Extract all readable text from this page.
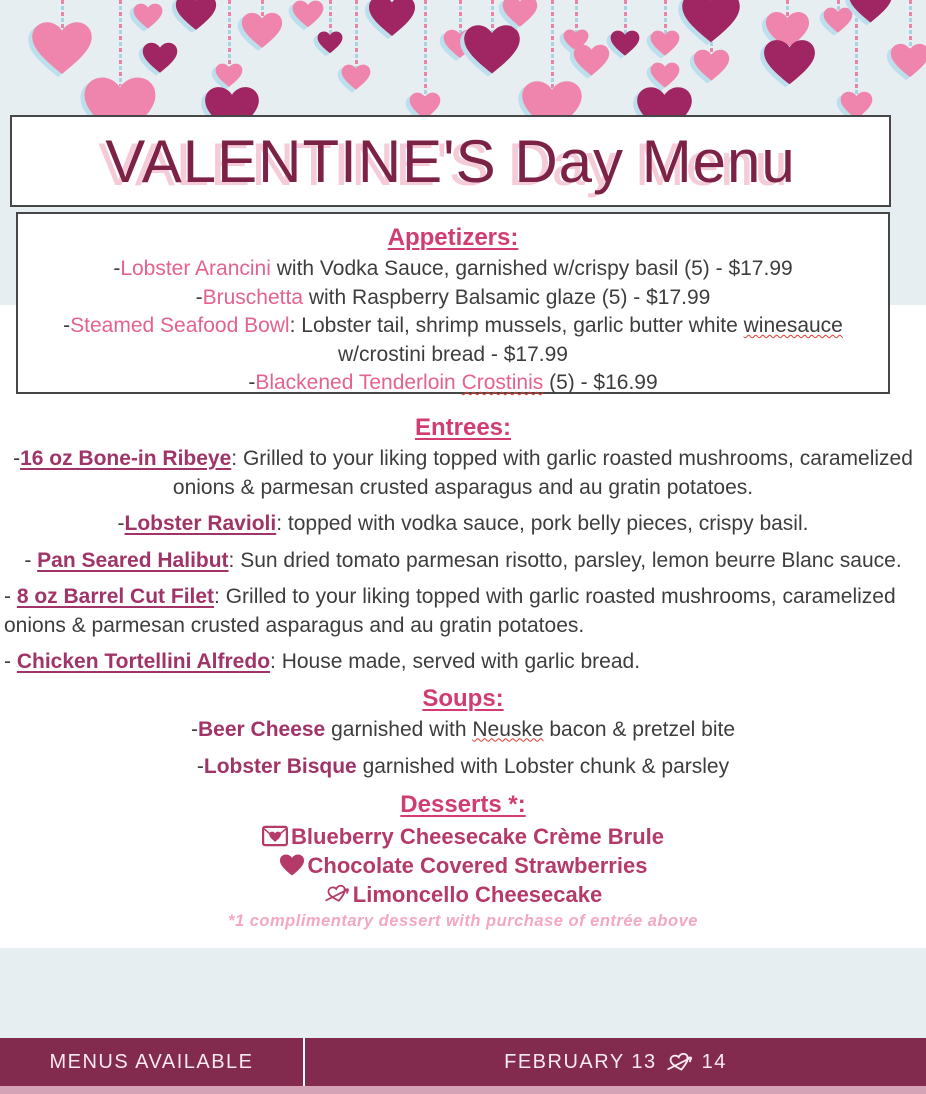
VALENTINE'S Day Menu
Appetizers:
-Lobster Arancini with Vodka Sauce, garnished w/crispy basil (5) - $17.99
-Bruschetta with Raspberry Balsamic glaze (5) - $17.99
-Steamed Seafood Bowl: Lobster tail, shrimp mussels, garlic butter white winesauce w/crostini bread - $17.99
-Blackened Tenderloin Crostinis (5) - $16.99
Entrees:
-16 oz Bone-in Ribeye: Grilled to your liking topped with garlic roasted mushrooms, caramelized onions & parmesan crusted asparagus and au gratin potatoes.
-Lobster Ravioli: topped with vodka sauce, pork belly pieces, crispy basil.
- Pan Seared Halibut: Sun dried tomato parmesan risotto, parsley, lemon beurre Blanc sauce.
- 8 oz Barrel Cut Filet: Grilled to your liking topped with garlic roasted mushrooms, caramelized onions & parmesan crusted asparagus and au gratin potatoes.
- Chicken Tortellini Alfredo: House made, served with garlic bread.
Soups:
-Beer Cheese garnished with Neuske bacon & pretzel bite
-Lobster Bisque garnished with Lobster chunk & parsley
Desserts *:
Blueberry Cheesecake Crème Brule
Chocolate Covered Strawberries
Limoncello Cheesecake
*1 complimentary dessert with purchase of entrée above
MENUS AVAILABLE	FEBRUARY 13 14
